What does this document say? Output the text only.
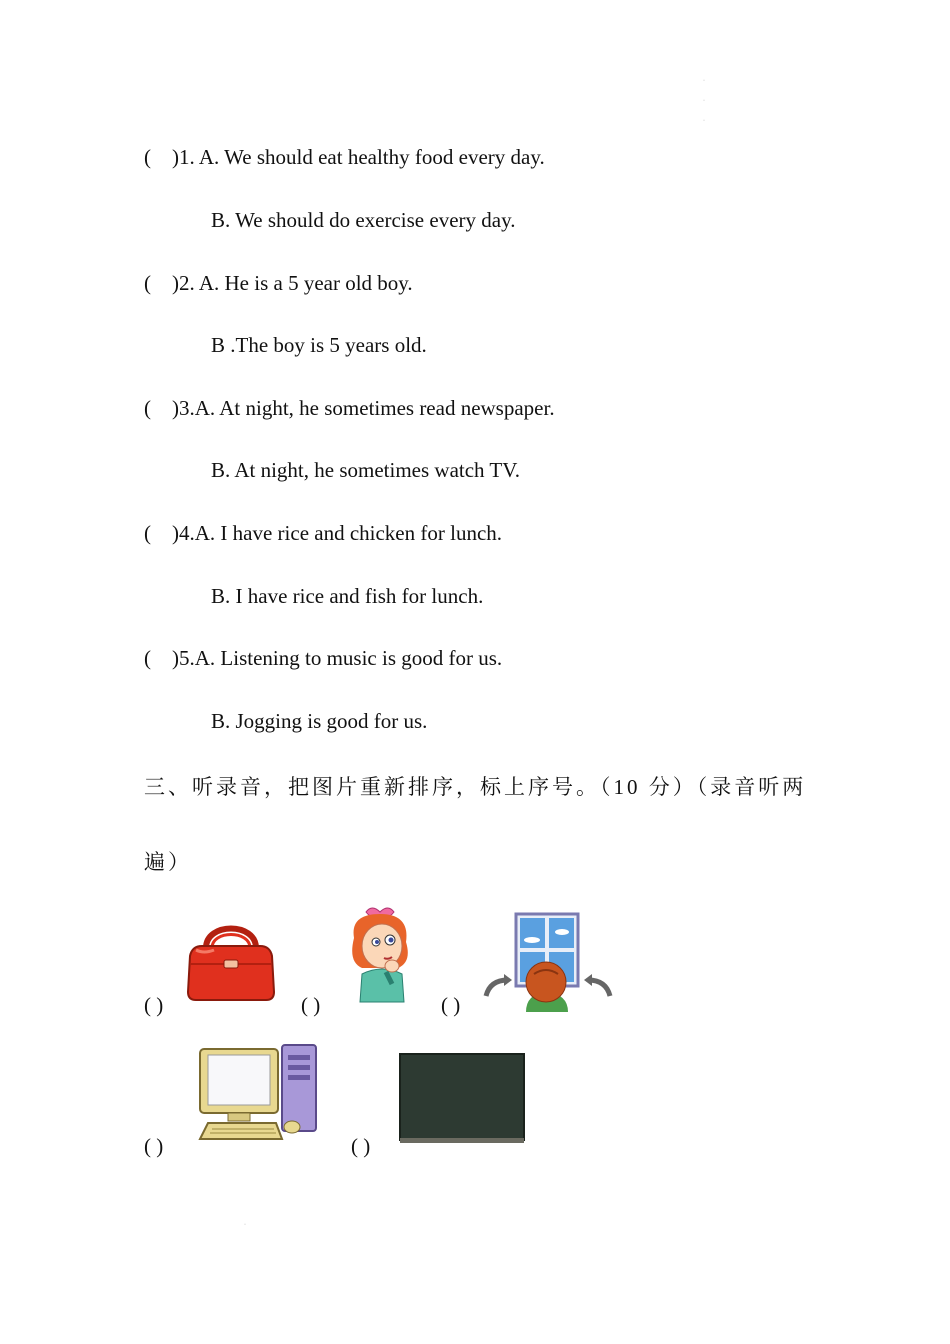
·
·
·
( )1. A. We should eat healthy food every day.
B. We should do exercise every day.
( )2. A. He is a 5 year old boy.
B .The boy is 5 years old.
( )3.A. At night, he sometimes read newspaper.
B. At night, he sometimes watch TV.
( )4.A. I have rice and chicken for lunch.
B. I have rice and fish for lunch.
( )5.A. Listening to music is good for us.
B. Jogging is good for us.
三、听录音，把图片重新排序，标上序号。（10 分）（录音听两
遍）
( )	( )	( )
( )	( )
·
